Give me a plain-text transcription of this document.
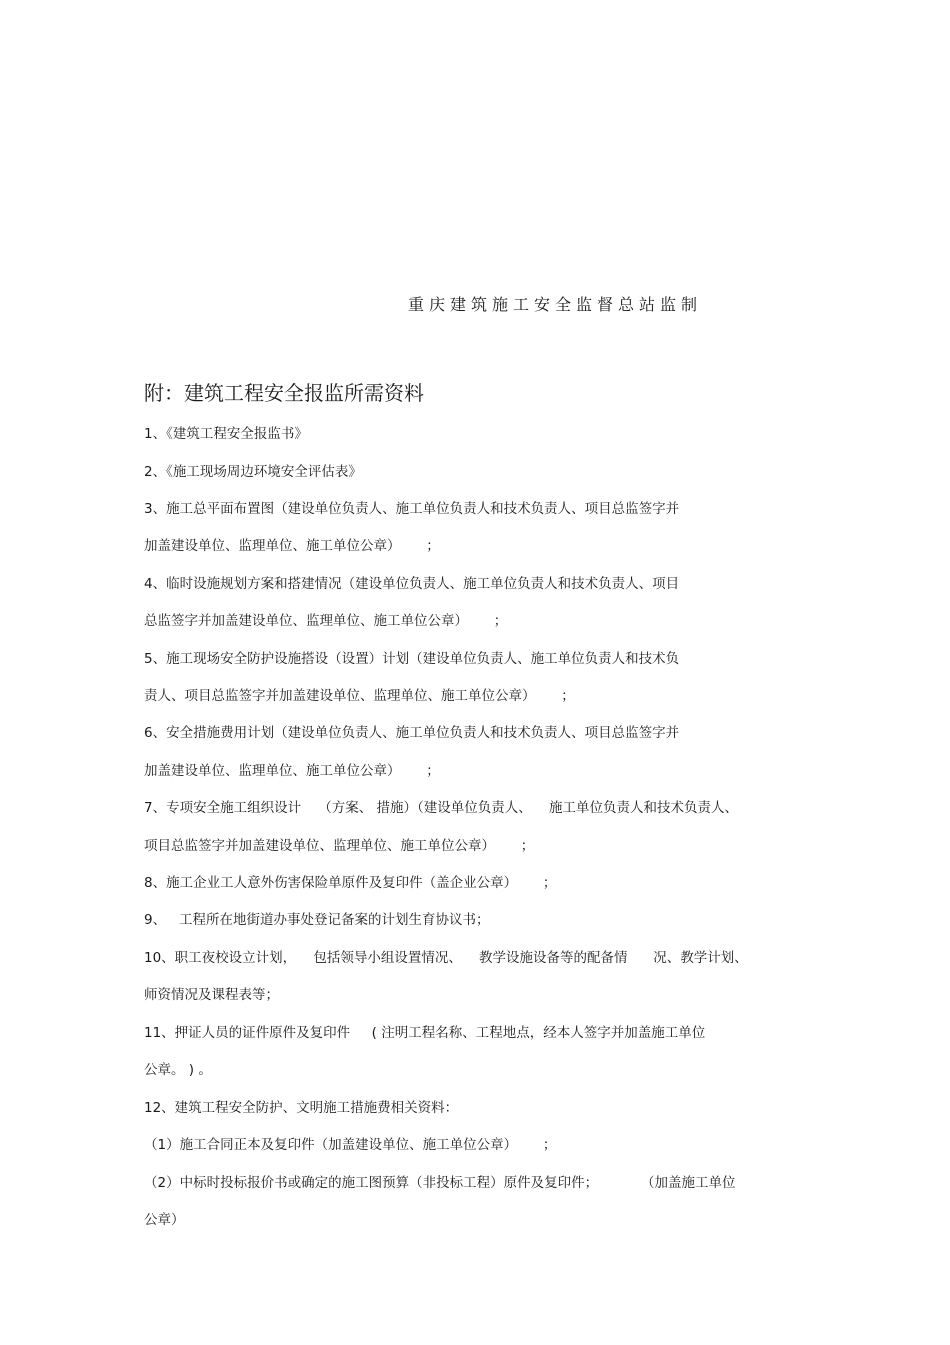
重庆建筑施工安全监督总站监制
附：建筑工程安全报监所需资料
1、《建筑工程安全报监书》
2、《施工现场周边环境安全评估表》
3、施工总平面布置图（建设单位负责人、施工单位负责人和技术负责人、项目总监签字并
加盖建设单位、监理单位、施工单位公章）      ；
4、临时设施规划方案和搭建情况（建设单位负责人、施工单位负责人和技术负责人、项目
总监签字并加盖建设单位、监理单位、施工单位公章）      ；
5、施工现场安全防护设施搭设（设置）计划（建设单位负责人、施工单位负责人和技术负
责人、项目总监签字并加盖建设单位、监理单位、施工单位公章）      ；
6、安全措施费用计划（建设单位负责人、施工单位负责人和技术负责人、项目总监签字并
加盖建设单位、监理单位、施工单位公章）      ；
7、专项安全施工组织设计    （方案、 措施）（建设单位负责人、    施工单位负责人和技术负责人、
项目总监签字并加盖建设单位、监理单位、施工单位公章）      ；
8、施工企业工人意外伤害保险单原件及复印件（盖企业公章）      ；
9、   工程所在地街道办事处登记备案的计划生育协议书；
10、职工夜校设立计划，    包括领导小组设置情况、    教学设施设备等的配备情      况、教学计划、
师资情况及课程表等；
11、押证人员的证件原件及复印件     ( 注明工程名称、工程地点，经本人签字并加盖施工单位
公章。 ) 。
12、建筑工程安全防护、文明施工措施费相关资料：
（1）施工合同正本及复印件（加盖建设单位、施工单位公章）      ；
（2）中标时投标报价书或确定的施工图预算（非投标工程）原件及复印件；          （加盖施工单位
公章）
